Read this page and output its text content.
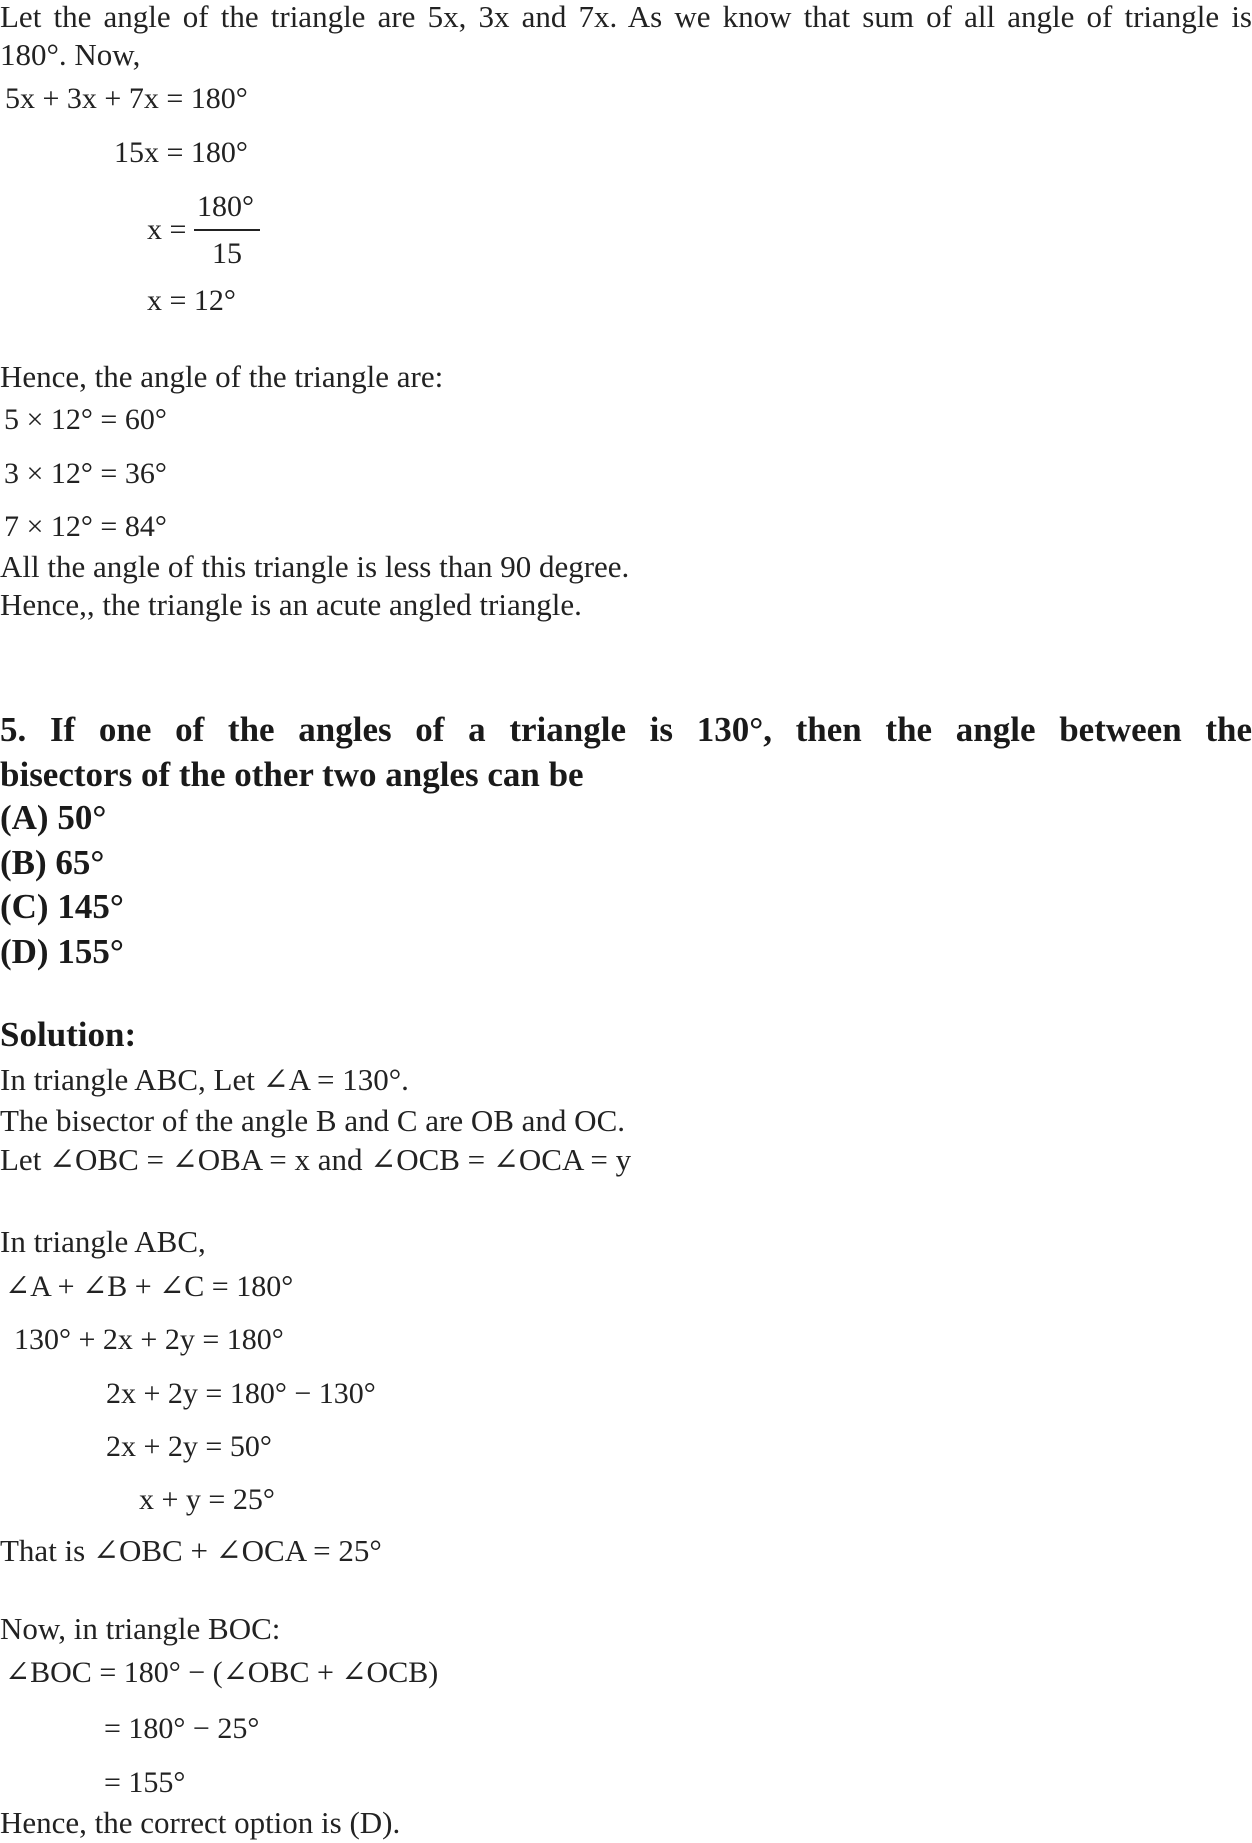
Let the angle of the triangle are 5x, 3x and 7x. As we know that sum of all angle of triangle is
180°. Now,
5x + 3x + 7x = 180°
15x = 180°
x =
180°
15
x = 12°
Hence, the angle of the triangle are:
5 × 12° = 60°
3 × 12° = 36°
7 × 12° = 84°
All the angle of this triangle is less than 90 degree.
Hence,, the triangle is an acute angled triangle.
5. If one of the angles of a triangle is 130°, then the angle between the
bisectors of the other two angles can be
(A) 50°
(B) 65°
(C) 145°
(D) 155°
Solution:
In triangle ABC, Let ∠A = 130°.
The bisector of the angle B and C are OB and OC.
Let ∠OBC = ∠OBA = x and ∠OCB = ∠OCA = y
In triangle ABC,
∠A + ∠B + ∠C = 180°
130° + 2x + 2y = 180°
2x + 2y = 180° − 130°
2x + 2y = 50°
x + y = 25°
That is ∠OBC + ∠OCA = 25°
Now, in triangle BOC:
∠BOC = 180° − (∠OBC + ∠OCB)
= 180° − 25°
= 155°
Hence, the correct option is (D).
